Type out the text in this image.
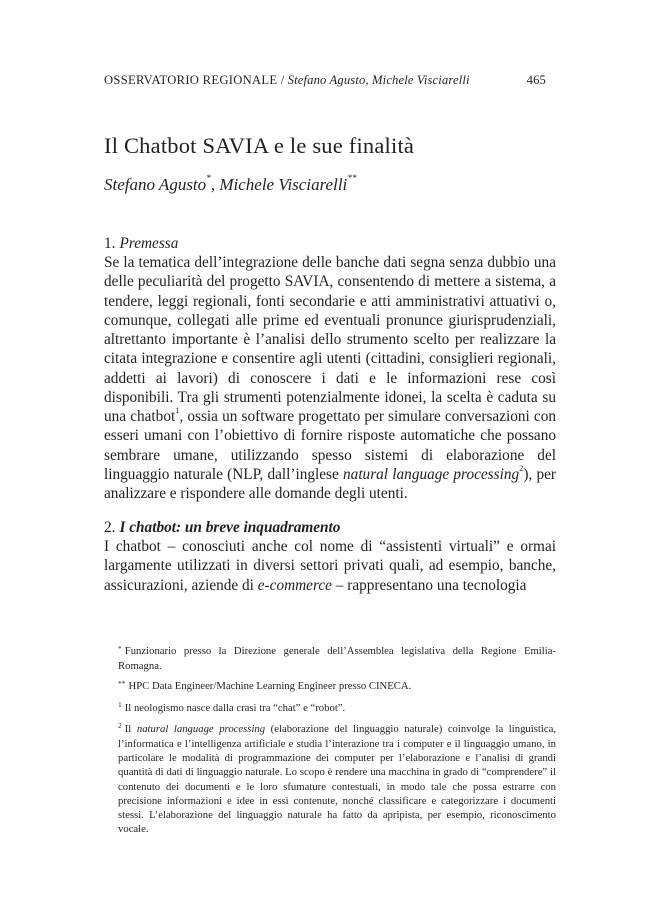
OSSERVATORIO REGIONALE / Stefano Agusto, Michele Visciarelli	465
Il Chatbot SAVIA e le sue finalità
Stefano Agusto*, Michele Visciarelli**
1. Premessa

Se la tematica dell’integrazione delle banche dati segna senza dubbio una delle peculiarità del progetto SAVIA, consentendo di mettere a sistema, a tendere, leggi regionali, fonti secondarie e atti amministrativi attuativi o, comunque, collegati alle prime ed eventuali pronunce giurisprudenziali, altrettanto importante è l’analisi dello strumento scelto per realizzare la citata integrazione e consentire agli utenti (cittadini, consiglieri regionali, addetti ai lavori) di conoscere i dati e le informazioni rese così disponibili. Tra gli strumenti potenzialmente idonei, la scelta è caduta su una chatbot$^1$, ossia un software progettato per simulare conversazioni con esseri umani con l’obiettivo di fornire risposte automatiche che possano sembrare umane, utilizzando spesso sistemi di elaborazione del linguaggio naturale (NLP, dall’inglese natural language processing$^2$), per analizzare e rispondere alle domande degli utenti.

2. I chatbot: un breve inquadramento

I chatbot – conosciuti anche col nome di “assistenti virtuali” e ormai largamente utilizzati in diversi settori privati quali, ad esempio, banche, assicurazioni, aziende di e-commerce – rappresentano una tecnologia

* Funzionario presso la Direzione generale dell’Assemblea legislativa della Regione Emilia-Romagna.

** HPC Data Engineer/Machine Learning Engineer presso CINECA.

$^1$ Il neologismo nasce dalla crasi tra “chat” e “robot”.

$^2$ Il natural language processing (elaborazione del linguaggio naturale) coinvolge la linguistica, l’informatica e l’intelligenza artificiale e studia l’interazione tra i computer e il linguaggio umano, in particolare le modalità di programmazione dei computer per l’elaborazione e l’analisi di grandi quantità di dati di linguaggio naturale. Lo scopo è rendere una macchina in grado di “comprendere” il contenuto dei documenti e le loro sfumature contestuali, in modo tale che possa estrarre con precisione informazioni e idee in essi contenute, nonché classificare e categorizzare i documenti stessi. L’elaborazione del linguaggio naturale ha fatto da apripista, per esempio, riconoscimento vocale.
